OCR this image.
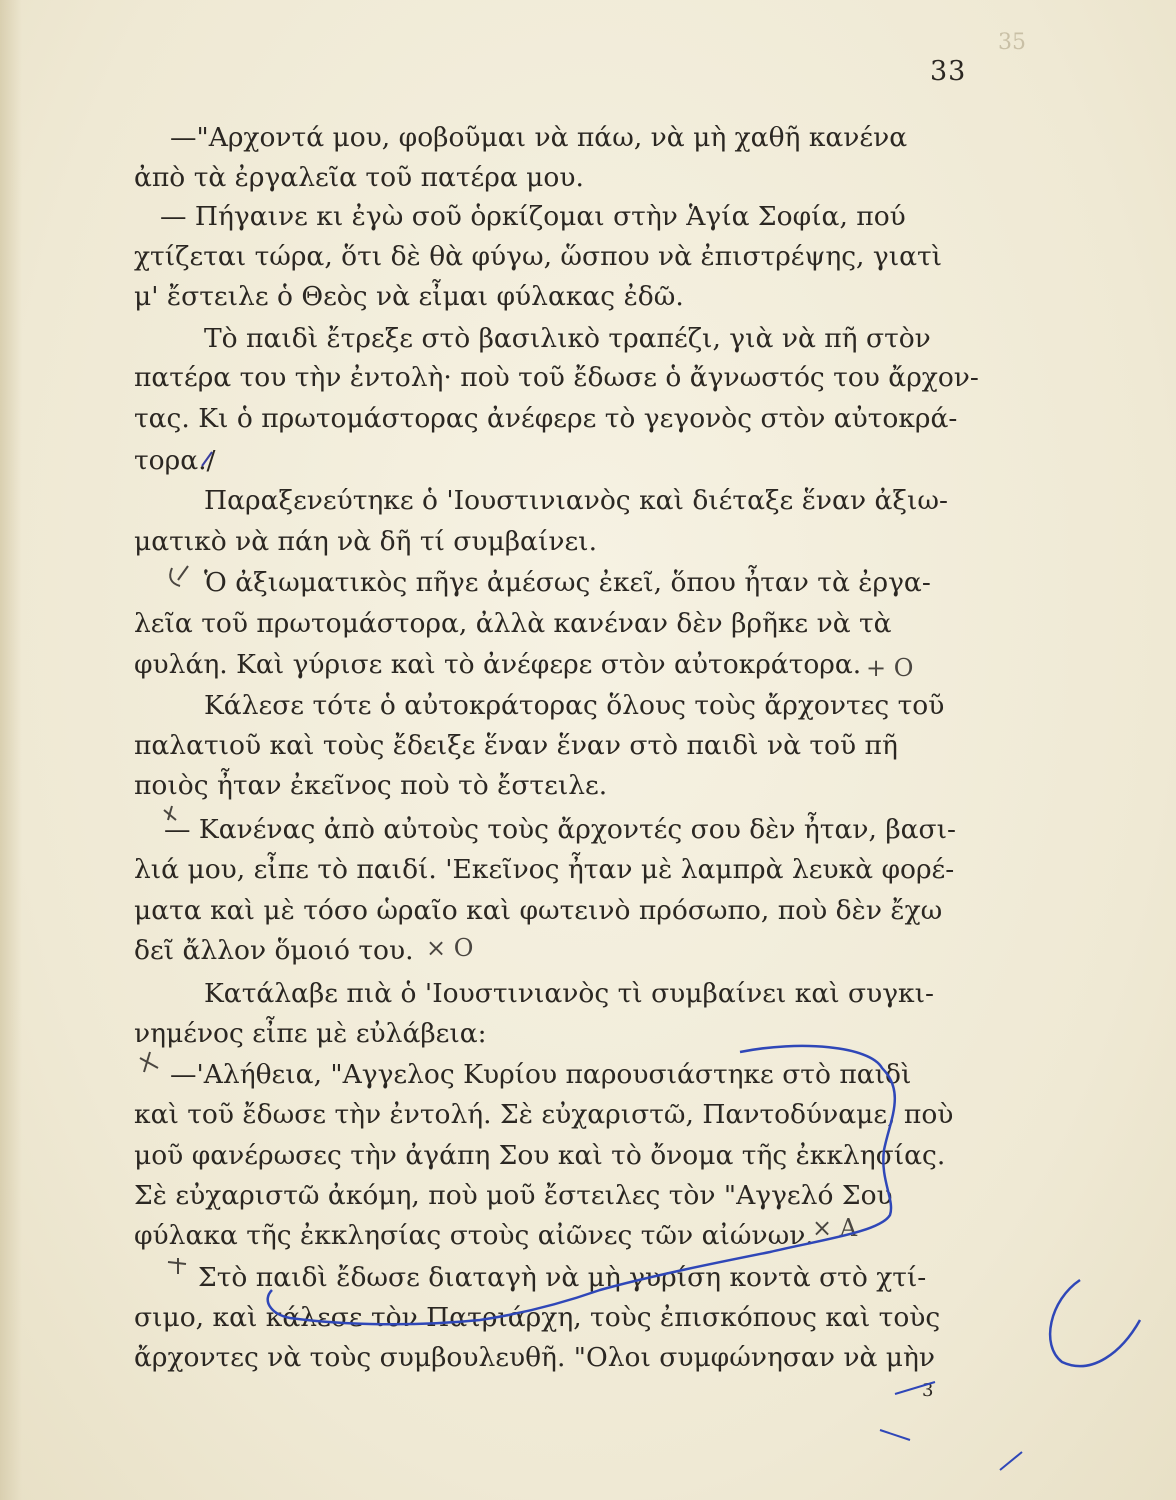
35
33
—"Αρχοντά μου, φοβοῦμαι νὰ πάω, νὰ μὴ χαθῆ κανένα
ἀπὸ τὰ ἐργαλεῖα τοῦ πατέρα μου.
— Πήγαινε κι ἐγὼ σοῦ ὁρκίζομαι στὴν Ἁγία Σοφία, πού
χτίζεται τώρα, ὅτι δὲ θὰ φύγω, ὥσπου νὰ ἐπιστρέψης, γιατὶ
μ' ἔστειλε ὁ Θεὸς νὰ εἶμαι φύλακας ἐδῶ.
Τὸ παιδὶ ἔτρεξε στὸ βασιλικὸ τραπέζι, γιὰ νὰ πῆ στὸν
πατέρα του τὴν ἐντολὴ· ποὺ τοῦ ἔδωσε ὁ ἄγνωστός του ἄρχον-
τας. Κι ὁ πρωτομάστορας ἀνέφερε τὸ γεγονὸς στὸν αὐτοκρά-
τορα./
Παραξενεύτηκε ὁ 'Ιουστινιανὸς καὶ διέταξε ἕναν ἀξιω-
ματικὸ νὰ πάη νὰ δῆ τί συμβαίνει.
Ὁ ἀξιωματικὸς πῆγε ἀμέσως ἐκεῖ, ὅπου ἦταν τὰ ἐργα-
λεῖα τοῦ πρωτομάστορα, ἀλλὰ κανέναν δὲν βρῆκε νὰ τὰ
φυλάη. Καὶ γύρισε καὶ τὸ ἀνέφερε στὸν αὐτοκράτορα.
Κάλεσε τότε ὁ αὐτοκράτορας ὅλους τοὺς ἄρχοντες τοῦ
παλατιοῦ καὶ τοὺς ἔδειξε ἕναν ἕναν στὸ παιδὶ νὰ τοῦ πῆ
ποιὸς ἦταν ἐκεῖνος ποὺ τὸ ἔστειλε.
— Κανένας ἀπὸ αὐτοὺς τοὺς ἄρχοντές σου δὲν ἦταν, βασι-
λιά μου, εἶπε τὸ παιδί. 'Εκεῖνος ἦταν μὲ λαμπρὰ λευκὰ φορέ-
ματα καὶ μὲ τόσο ὡραῖο καὶ φωτεινὸ πρόσωπο, ποὺ δὲν ἔχω
δεῖ ἄλλον ὅμοιό του.
Κατάλαβε πιὰ ὁ 'Ιουστινιανὸς τὶ συμβαίνει καὶ συγκι-
νημένος εἶπε μὲ εὐλάβεια:
—'Αλήθεια, "Αγγελος Κυρίου παρουσιάστηκε στὸ παιδὶ
καὶ τοῦ ἔδωσε τὴν ἐντολή. Σὲ εὐχαριστῶ, Παντοδύναμε, ποὺ
μοῦ φανέρωσες τὴν ἀγάπη Σου καὶ τὸ ὄνομα τῆς ἐκκλησίας.
Σὲ εὐχαριστῶ ἀκόμη, ποὺ μοῦ ἔστειλες τὸν "Αγγελό Σου
φύλακα τῆς ἐκκλησίας στοὺς αἰῶνες τῶν αἰώνων.
Στὸ παιδὶ ἔδωσε διαταγὴ νὰ μὴ γυρίση κοντὰ στὸ χτί-
σιμο, καὶ κάλεσε τὸν Πατριάρχη, τοὺς ἐπισκόπους καὶ τοὺς
ἄρχοντες νὰ τοὺς συμβουλευθῆ. "Ολοι συμφώνησαν νὰ μὴν
3
+ Ο
× Ο
× Α
